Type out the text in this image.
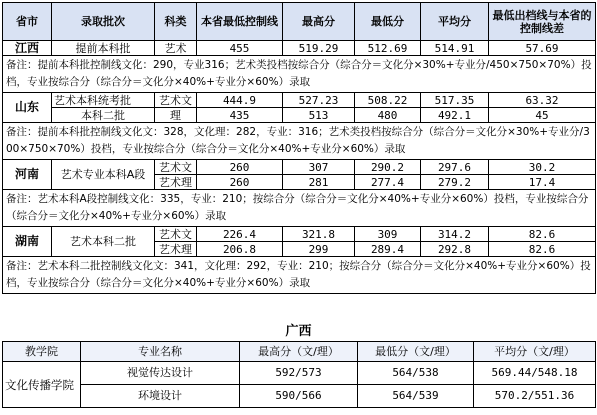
省市	录取批次	科类	本省最低控制线	最高分	最低分	平均分	最低出档线与本省的控制线差
江西	提前本科批	艺术	455	519.29	512.69	514.91	57.69
备注：提前本科批控制线文化：290，专业316；艺术类投档按综合分（综合分＝文化分×30%+专业分/450×750×70%）投档，专业按综合分（综合分＝文化分×40%+专业分×60%）录取							
山东	艺术本科统考批	艺术文	444.9	527.23	508.22	517.35	63.32
	本科二批	理	435	513	480	492.1	45
备注：提前本科批控制线文化文：328，文化理：282，专业：316；艺术类投档按综合分（综合分＝文化分×30%+专业分/300×750×70%）投档，专业按综合分（综合分＝文化分×40%+专业分×60%）录取							
河南	艺术专业本科A段	艺术文	260	307	290.2	297.6	30.2
		艺术理	260	281	277.4	279.2	17.4
备注：艺术本科A段控制线文化：335，专业：210；按综合分（综合分＝文化分×40%+专业分×60%）投档，专业按综合分（综合分＝文化分×40%+专业分×60%）录取							
湖南	艺术本科二批	艺术文	226.4	321.8	309	314.2	82.6
		艺术理	206.8	299	289.4	292.8	82.6
备注：艺术本科二批控制线文化文：341，文化理：292，专业：210；按综合分（综合分＝文化分×40%+专业分×60%）投档，专业按综合分（综合分＝文化分×40%+专业分×60%）录取							
广西
教学院	专业名称	最高分（文/理）	最低分（文/理）	平均分（文/理）
文化传播学院	视觉传达设计	592/573	564/538	569.44/548.18
	环境设计	590/566	564/539	570.2/551.36
